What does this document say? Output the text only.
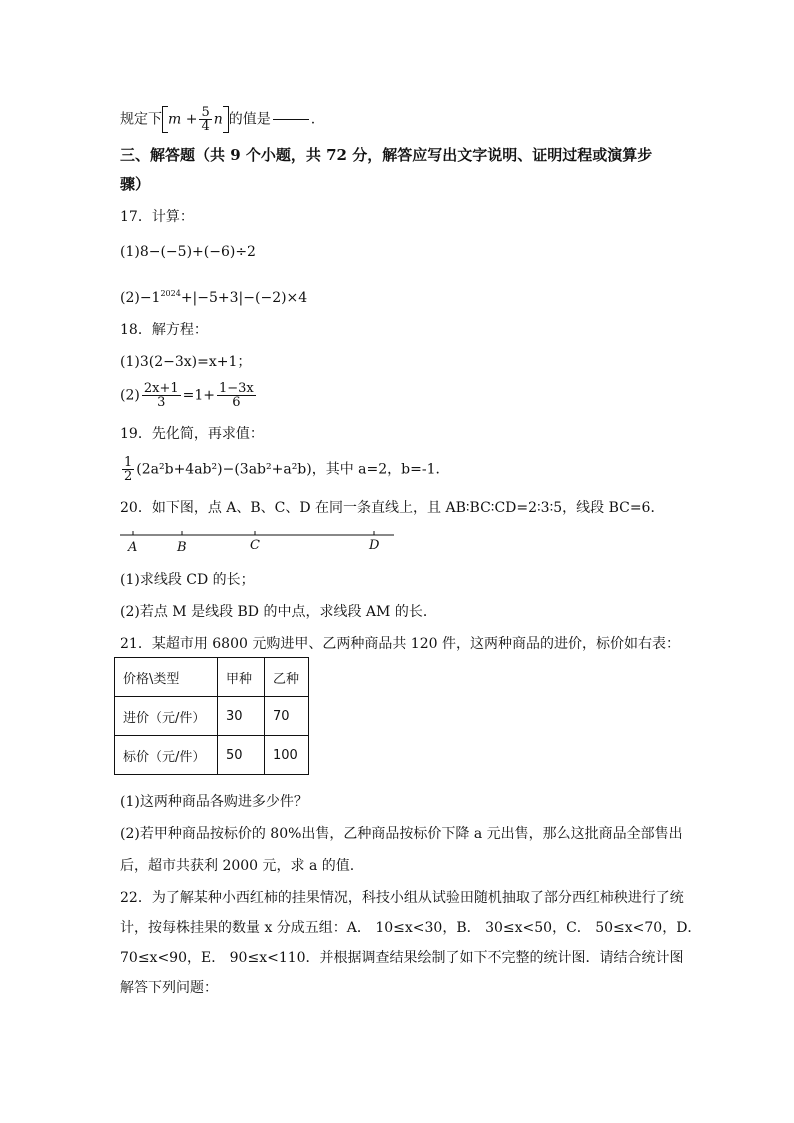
规定下 $m + \frac{5}{4}$ n 的值是	.
三、解答题（共 9 个小题，共 72 分，解答应写出文字说明、证明过程或演算步
骤）
17．计算：
(1)8−(−5)+(−6)÷2
$(2)-1^{2024}+|-5+3|-(-2)\times 4$
18．解方程：
(1)3(2−3x)=x+1；
$(2) \frac{2x+1}{3} =1+ \frac{1-3x}{6}$
19．先化简，再求值：
$\frac{1}{2} (2a^2b+4ab^2)-(3ab^2+a^2b)$，其中 a=2，b=-1．
20．如下图，点 A、B、C、D 在同一条直线上，且 AB∶BC∶CD=2∶3∶5，线段 BC=6．
A	B	C	D
(1)求线段 CD 的长；
(2)若点 M 是线段 BD 的中点，求线段 AM 的长．
21．某超市用 6800 元购进甲、乙两种商品共 120 件，这两种商品的进价，标价如右表：
价格\类型	甲种	乙种
进价（元/件）	30	70
标价（元/件）	50	100
(1)这两种商品各购进多少件？
(2)若甲种商品按标价的 80%出售，乙种商品按标价下降 a 元出售，那么这批商品全部售出
后，超市共获利 2000 元，求 a 的值.
22．为了解某种小西红柿的挂果情况，科技小组从试验田随机抽取了部分西红柿秧进行了统
计，按每株挂果的数量 x 分成五组：A． 10≤x<30，B． 30≤x<50，C． 50≤x<70，D．
70≤x<90，E． 90≤x<110．并根据调查结果绘制了如下不完整的统计图．请结合统计图
解答下列问题：
